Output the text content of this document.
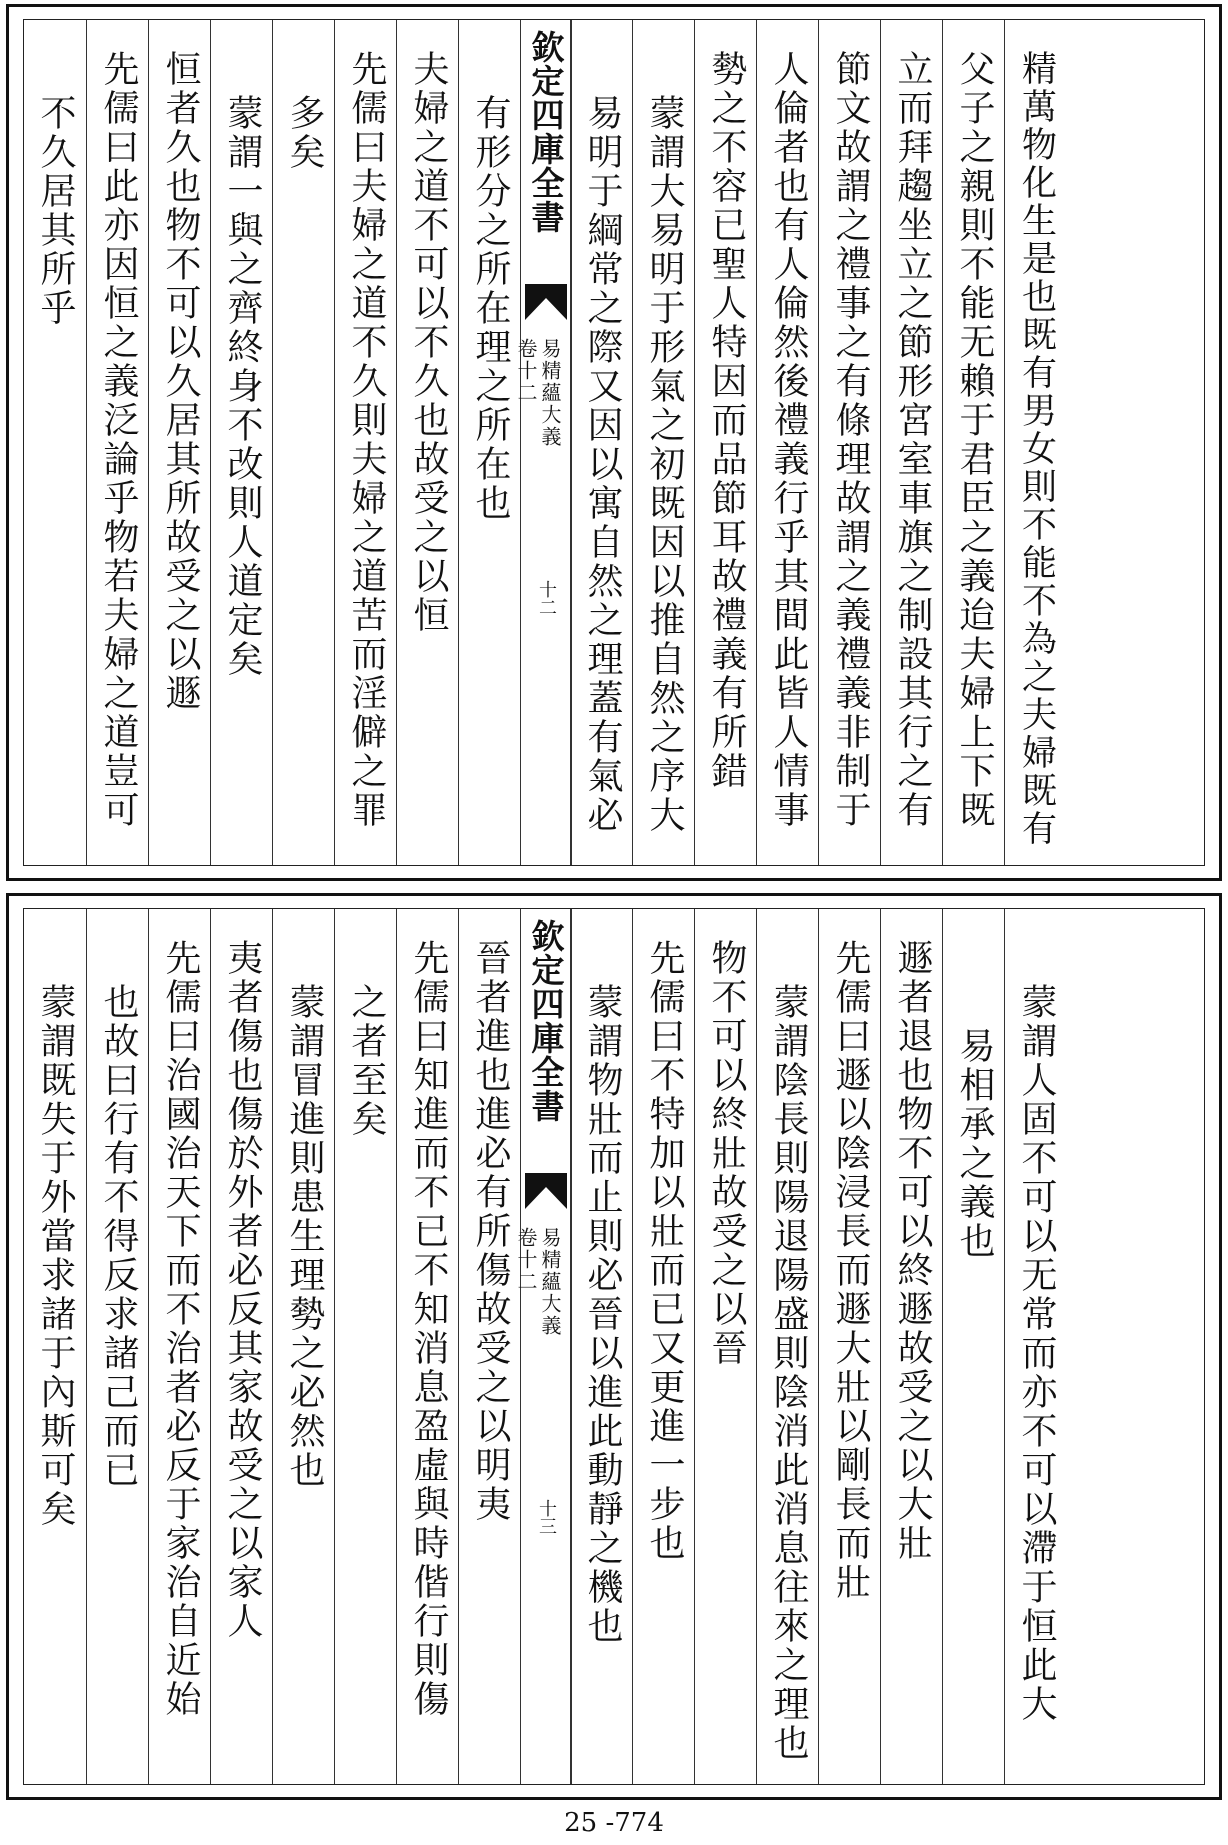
不久居其所乎 先儒曰此亦因恒之義泛論乎物若夫婦之道豈可 恒者久也物不可以久居其所故受之以遯 蒙謂一與之齊終身不改則人道定矣 多矣 先儒曰夫婦之道不久則夫婦之道苦而淫僻之罪 夫婦之道不可以不久也故受之以恒 有形分之所在理之所在也 欽定四庫全書
易精蘊大義
卷十二
十二 易明于綱常之際又因以寓自然之理蓋有氣必 蒙謂大易明于形氣之初既因以推自然之序大 勢之不容已聖人特因而品節耳故禮義有所錯 人倫者也有人倫然後禮義行乎其間此皆人情事 節文故謂之禮事之有條理故謂之義禮義非制于 立而拜趨坐立之節形宮室車旗之制設其行之有 父子之親則不能无賴于君臣之義迨夫婦上下既 精萬物化生是也既有男女則不能不為之夫婦既有
蒙謂既失于外當求諸于內斯可矣 也故曰行有不得反求諸己而已 先儒曰治國治天下而不治者必反于家治自近始 夷者傷也傷於外者必反其家故受之以家人 蒙謂冒進則患生理勢之必然也 之者至矣 先儒曰知進而不已不知消息盈虛與時偕行則傷 晉者進也進必有所傷故受之以明夷 欽定四庫全書
易精蘊大義
卷十二
十三 蒙謂物壯而止則必晉以進此動靜之機也 先儒曰不特加以壯而已又更進一步也 物不可以終壯故受之以晉 蒙謂陰長則陽退陽盛則陰消此消息往來之理也 先儒曰遯以陰浸長而遯大壯以剛長而壯 遯者退也物不可以終遯故受之以大壯 易相承之義也 蒙謂人固不可以无常而亦不可以滯于恒此大
25 -774
